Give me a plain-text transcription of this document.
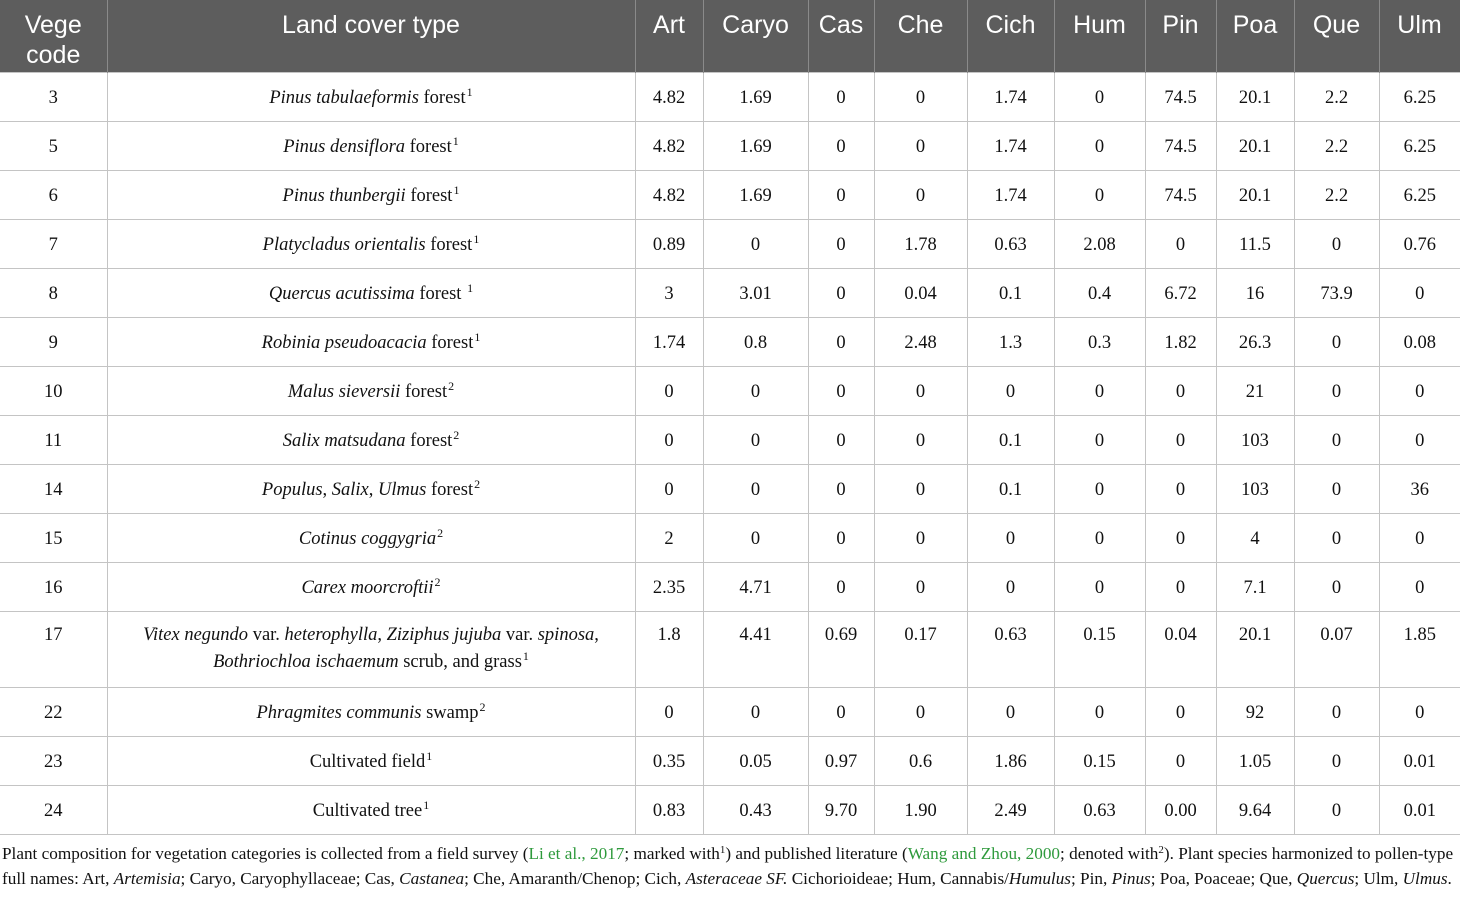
Vege code	Land cover type	Art	Caryo	Cas	Che	Cich	Hum	Pin	Poa	Que	Ulm
3	Pinus tabulaeformis forest$^1$	4.82	1.69	0	0	1.74	0	74.5	20.1	2.2	6.25
5	Pinus densiflora forest$^1$	4.82	1.69	0	0	1.74	0	74.5	20.1	2.2	6.25
6	Pinus thunbergii forest$^1$	4.82	1.69	0	0	1.74	0	74.5	20.1	2.2	6.25
7	Platycladus orientalis forest$^1$	0.89	0	0	1.78	0.63	2.08	0	11.5	0	0.76
8	Quercus acutissima forest $^1$	3	3.01	0	0.04	0.1	0.4	6.72	16	73.9	0
9	Robinia pseudoacacia forest$^1$	1.74	0.8	0	2.48	1.3	0.3	1.82	26.3	0	0.08
10	Malus sieversii forest$^2$	0	0	0	0	0	0	0	21	0	0
11	Salix matsudana forest$^2$	0	0	0	0	0.1	0	0	103	0	0
14	Populus, Salix, Ulmus forest$^2$	0	0	0	0	0.1	0	0	103	0	36
15	Cotinus coggygria$^2$	2	0	0	0	0	0	0	4	0	0
16	Carex moorcroftii$^2$	2.35	4.71	0	0	0	0	0	7.1	0	0
17	Vitex negundo var. heterophylla, Ziziphus jujuba var. spinosa, Bothriochloa ischaemum scrub, and grass$^1$	1.8	4.41	0.69	0.17	0.63	0.15	0.04	20.1	0.07	1.85
22	Phragmites communis swamp$^2$	0	0	0	0	0	0	0	92	0	0
23	Cultivated field$^1$	0.35	0.05	0.97	0.6	1.86	0.15	0	1.05	0	0.01
24	Cultivated tree$^1$	0.83	0.43	9.70	1.90	2.49	0.63	0.00	9.64	0	0.01
Plant composition for vegetation categories is collected from a field survey (Li et al., 2017; marked with$^1$) and published literature (Wang and Zhou, 2000; denoted with$^2$). Plant species harmonized to pollen-type full names: Art, Artemisia; Caryo, Caryophyllaceae; Cas, Castanea; Che, Amaranth/Chenop; Cich, Asteraceae SF. Cichorioideae; Hum, Cannabis/Humulus; Pin, Pinus; Poa, Poaceae; Que, Quercus; Ulm, Ulmus.
